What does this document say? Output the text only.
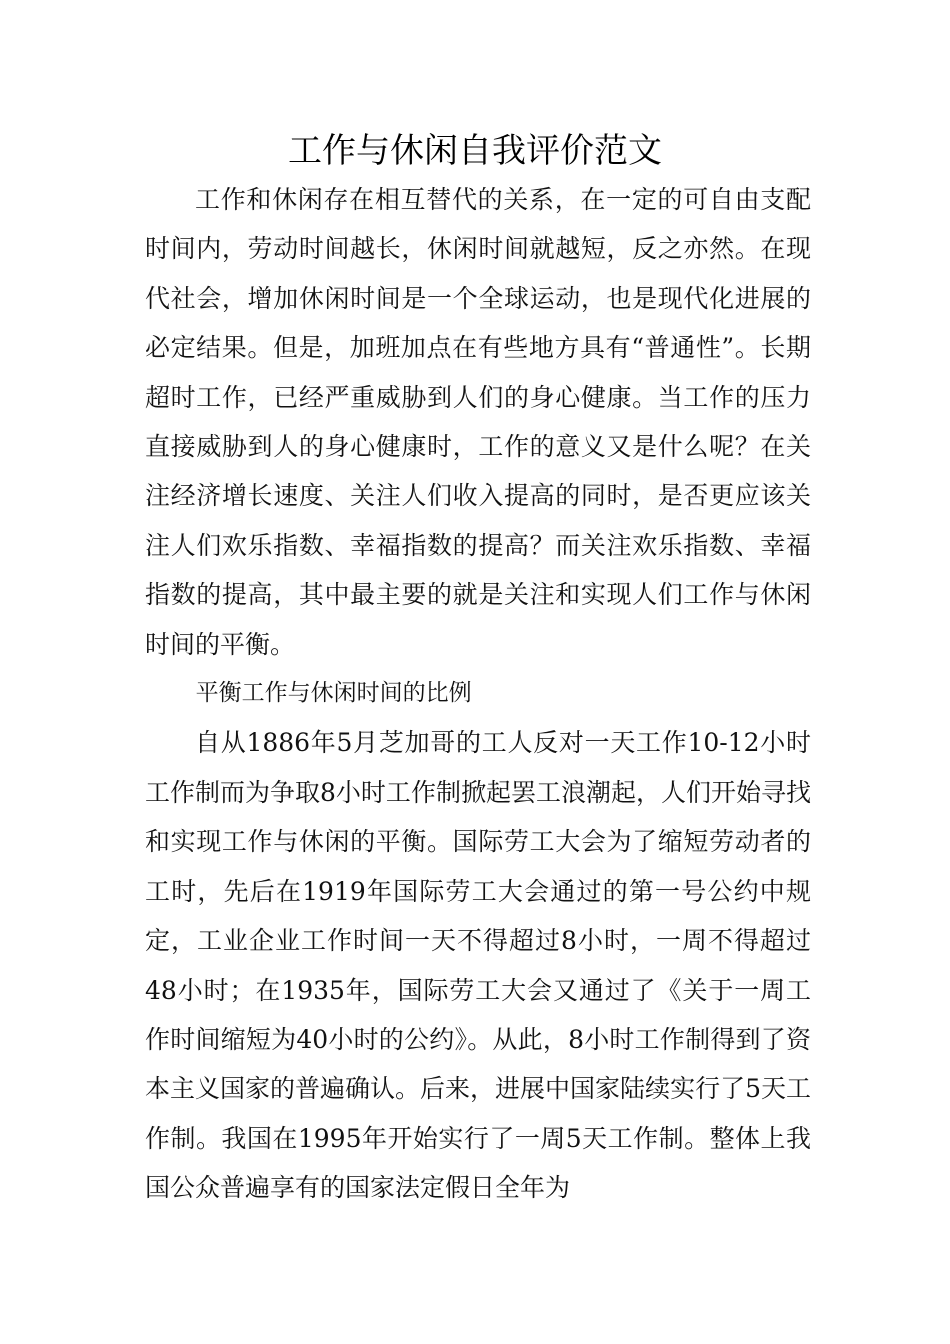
工作与休闲自我评价范文

工作和休闲存在相互替代的关系，在一定的可自由支配时间内，劳动时间越长，休闲时间就越短，反之亦然。在现代社会，增加休闲时间是一个全球运动，也是现代化进展的必定结果。但是，加班加点在有些地方具有“普通性”。长期超时工作，已经严重威胁到人们的身心健康。当工作的压力直接威胁到人的身心健康时，工作的意义又是什么呢？在关注经济增长速度、关注人们收入提高的同时，是否更应该关注人们欢乐指数、幸福指数的提高？而关注欢乐指数、幸福指数的提高，其中最主要的就是关注和实现人们工作与休闲时间的平衡。

平衡工作与休闲时间的比例

自从1886年5月芝加哥的工人反对一天工作10-12小时工作制而为争取8小时工作制掀起罢工浪潮起，人们开始寻找和实现工作与休闲的平衡。国际劳工大会为了缩短劳动者的工时，先后在1919年国际劳工大会通过的第一号公约中规定，工业企业工作时间一天不得超过8小时，一周不得超过48小时；在1935年，国际劳工大会又通过了《关于一周工作时间缩短为40小时的公约》。从此，8小时工作制得到了资本主义国家的普遍确认。后来，进展中国家陆续实行了5天工作制。我国在1995年开始实行了一周5天工作制。整体上我国公众普遍享有的国家法定假日全年为
